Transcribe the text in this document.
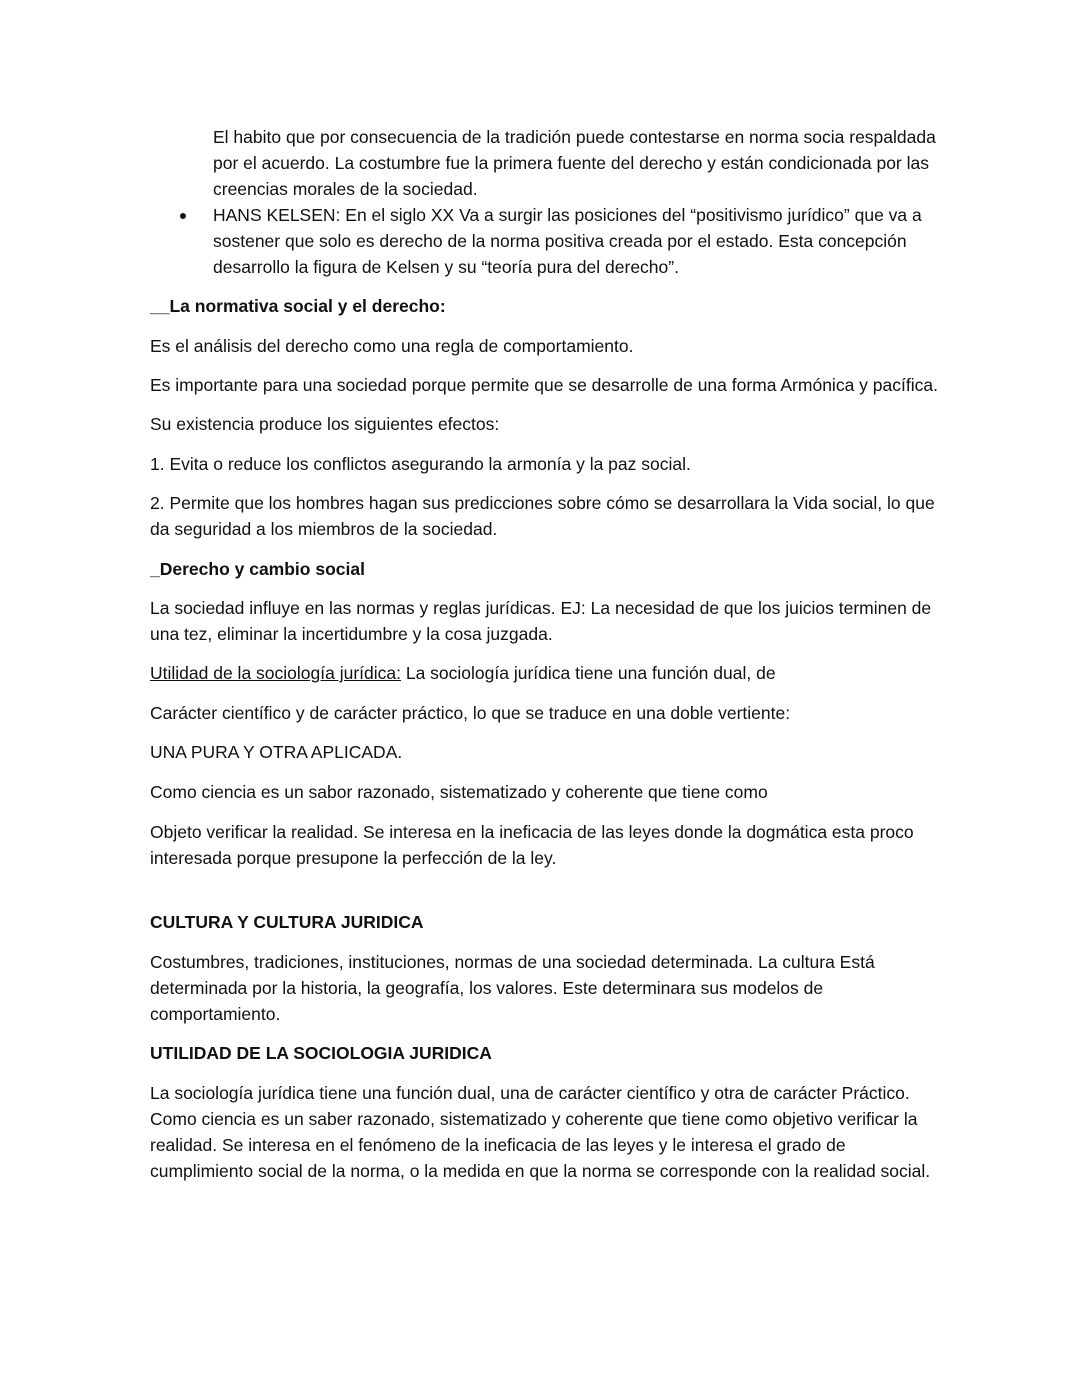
El habito que por consecuencia de la tradición puede contestarse en norma socia respaldada por el acuerdo. La costumbre fue la primera fuente del derecho y están condicionada por las creencias morales de la sociedad.

HANS KELSEN: En el siglo XX Va a surgir las posiciones del “positivismo jurídico” que va a sostener que solo es derecho de la norma positiva creada por el estado. Esta concepción desarrollo la figura de Kelsen y su “teoría pura del derecho”.

__La normativa social y el derecho:

Es el análisis del derecho como una regla de comportamiento.

Es importante para una sociedad porque permite que se desarrolle de una forma Armónica y pacífica.

Su existencia produce los siguientes efectos:

1. Evita o reduce los conflictos asegurando la armonía y la paz social.

2. Permite que los hombres hagan sus predicciones sobre cómo se desarrollara la Vida social, lo que da seguridad a los miembros de la sociedad.

_Derecho y cambio social

La sociedad influye en las normas y reglas jurídicas. EJ: La necesidad de que los juicios terminen de una tez, eliminar la incertidumbre y la cosa juzgada.

Utilidad de la sociología jurídica: La sociología jurídica tiene una función dual, de

Carácter científico y de carácter práctico, lo que se traduce en una doble vertiente:

UNA PURA Y OTRA APLICADA.

Como ciencia es un sabor razonado, sistematizado y coherente que tiene como

Objeto verificar la realidad. Se interesa en la ineficacia de las leyes donde la dogmática esta proco interesada porque presupone la perfección de la ley.

CULTURA Y CULTURA JURIDICA

Costumbres, tradiciones, instituciones, normas de una sociedad determinada. La cultura Está determinada por la historia, la geografía, los valores. Este determinara sus modelos de comportamiento.

UTILIDAD DE LA SOCIOLOGIA JURIDICA

La sociología jurídica tiene una función dual, una de carácter científico y otra de carácter Práctico. Como ciencia es un saber razonado, sistematizado y coherente que tiene como objetivo verificar la realidad. Se interesa en el fenómeno de la ineficacia de las leyes y le interesa el grado de cumplimiento social de la norma, o la medida en que la norma se corresponde con la realidad social.
